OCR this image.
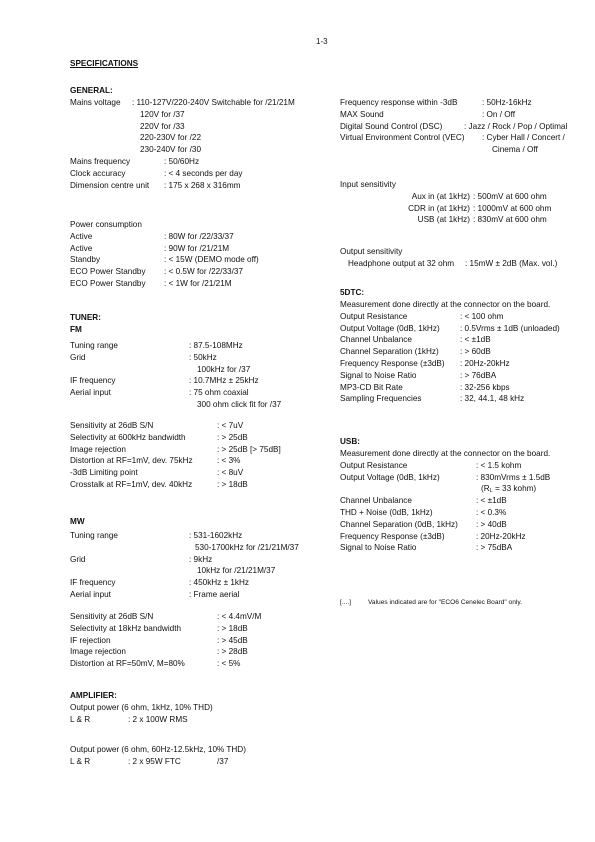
1-3
SPECIFICATIONS
GENERAL:
Mains voltage : 110-127V/220-240V Switchable for /21/21M
120V for /37
220V for /33
220-230V for /22
230-240V for /30
Mains frequency	: 50/60Hz
Clock accuracy	: < 4 seconds per day
Dimension centre unit : 175 x 268 x 316mm
Power consumption
Active	: 80W for /22/33/37
Active	: 90W for /21/21M
Standby	: < 15W (DEMO mode off)
ECO Power Standby : < 0.5W for /22/33/37
ECO Power Standby : < 1W for /21/21M
TUNER:
FM
Tuning range	: 87.5-108MHz
Grid	: 50kHz
100kHz for /37
IF frequency	: 10.7MHz ± 25kHz
Aerial input	: 75 ohm coaxial
300 ohm click fit for /37
Sensitivity at 26dB S/N	: < 7uV
Selectivity at 600kHz bandwidth	: > 25dB
Image rejection	: > 25dB [> 75dB]
Distortion at RF=1mV, dev. 75kHz	: < 3%
-3dB Limiting point	: < 8uV
Crosstalk at RF=1mV, dev. 40kHz	: > 18dB
MW
Tuning range	: 531-1602kHz
530-1700kHz for /21/21M/37
Grid	: 9kHz
10kHz for /21/21M/37
IF frequency	: 450kHz ± 1kHz
Aerial input	: Frame aerial
Sensitivity at 26dB S/N	: < 4.4mV/M
Selectivity at 18kHz bandwidth	: > 18dB
IF rejection	: > 45dB
Image rejection	: > 28dB
Distortion at RF=50mV, M=80%	: < 5%
AMPLIFIER:
Output power (6 ohm, 1kHz, 10% THD)
L & R	: 2 x 100W RMS
Output power (6 ohm, 60Hz-12.5kHz, 10% THD)
L & R	: 2 x 95W FTC	/37
Frequency response within -3dB	: 50Hz-16kHz
MAX Sound	: On / Off
Digital Sound Control (DSC)	: Jazz / Rock / Pop / Optimal
Virtual Environment Control (VEC) : Cyber Hall / Concert /
Cinema / Off
Input sensitivity
Aux in (at 1kHz) : 500mV at 600 ohm
CDR in (at 1kHz) : 1000mV at 600 ohm
USB (at 1kHz) : 830mV at 600 ohm
Output sensitivity
Headphone output at 32 ohm : 15mW ± 2dB (Max. vol.)
5DTC:
Measurement done directly at the connector on the board.
Output Resistance	: < 100 ohm
Output Voltage (0dB, 1kHz) : 0.5Vrms ± 1dB (unloaded)
Channel Unbalance	: < ±1dB
Channel Separation (1kHz)	: > 60dB
Frequency Response (±3dB) : 20Hz-20kHz
Signal to Noise Ratio	: > 76dBA
MP3-CD Bit Rate	: 32-256 kbps
Sampling Frequencies	: 32, 44.1, 48 kHz
USB:
Measurement done directly at the connector on the board.
Output Resistance	: < 1.5 kohm
Output Voltage (0dB, 1kHz)	: 830mVrms ± 1.5dB
($R_L = 33$ kohm)
Channel Unbalance	: < ±1dB
THD + Noise (0dB, 1kHz)	: < 0.3%
Channel Separation (0dB, 1kHz) : > 40dB
Frequency Response (±3dB)	: 20Hz-20kHz
Signal to Noise Ratio	: > 75dBA
[....]	Values indicated are for "ECO6 Cenelec Board" only.
